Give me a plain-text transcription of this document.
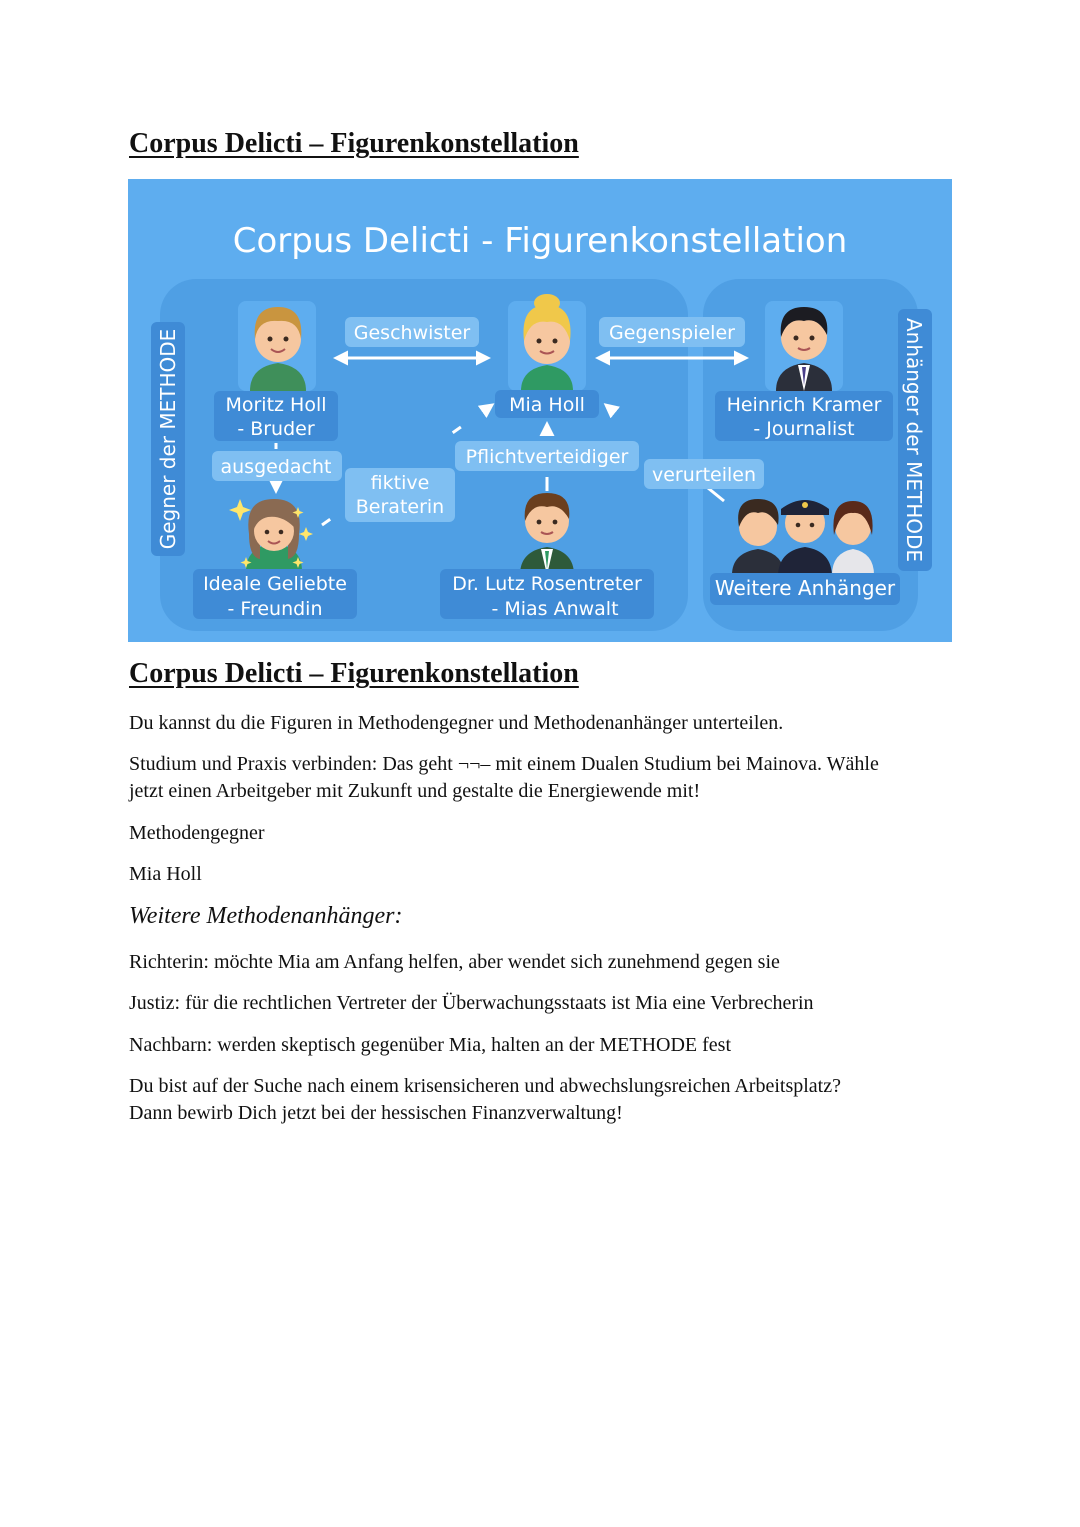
Corpus Delicti – Figurenkonstellation
Corpus Delicti - Figurenkonstellation
Gegner der METHODE	Anhänger der METHODE
Geschwister	Gegenspieler
ausgedacht
fiktive
Beraterin
Pflichtverteidiger
verurteilen
Moritz Holl
- Bruder
Mia Holl	Heinrich Kramer
- Journalist
Ideale Geliebte
- Freundin
Dr. Lutz Rosentreter
- Mias Anwalt
Weitere Anhänger
Corpus Delicti – Figurenkonstellation

Du kannst du die Figuren in Methodengegner und Methodenanhänger unterteilen.

Studium und Praxis verbinden: Das geht ¬¬– mit einem Dualen Studium bei Mainova. Wähle

jetzt einen Arbeitgeber mit Zukunft und gestalte die Energiewende mit!

Methodengegner

Mia Holl

Weitere Methodenanhänger:

Richterin: möchte Mia am Anfang helfen, aber wendet sich zunehmend gegen sie

Justiz: für die rechtlichen Vertreter der Überwachungsstaats ist Mia eine Verbrecherin

Nachbarn: werden skeptisch gegenüber Mia, halten an der METHODE fest

Du bist auf der Suche nach einem krisensicheren und abwechslungsreichen Arbeitsplatz?

Dann bewirb Dich jetzt bei der hessischen Finanzverwaltung!
